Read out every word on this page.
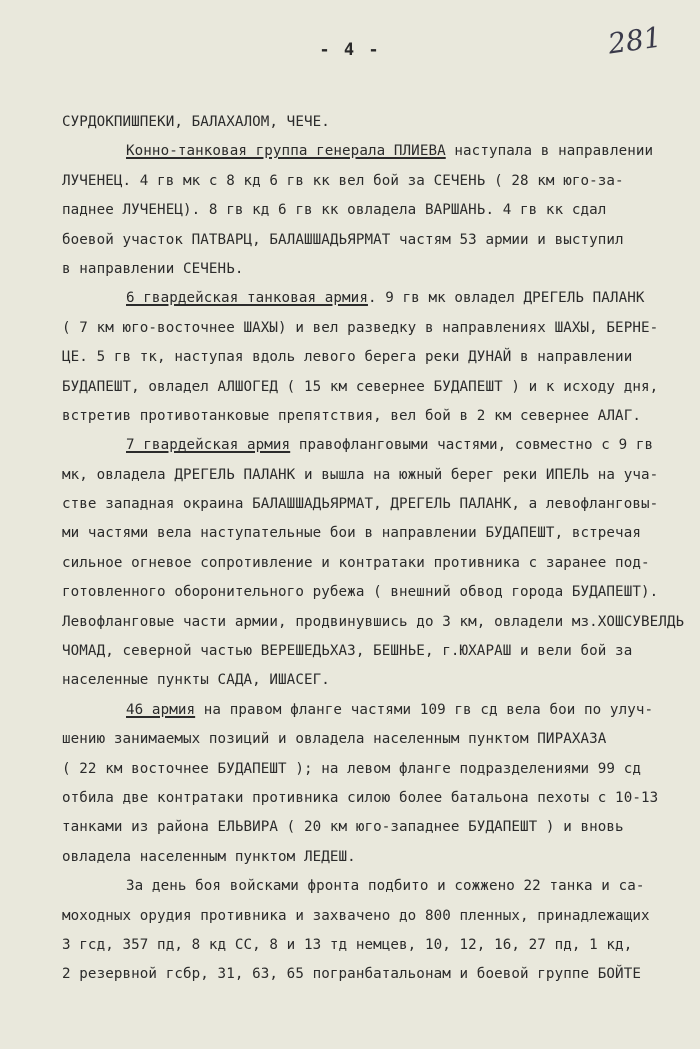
- 4 -	281
СУРДОКПИШПЕКИ, БАЛАХАЛОМ, ЧЕЧЕ.
Конно-танковая группа генерала ПЛИЕВА наступала в направлении
ЛУЧЕНЕЦ. 4 гв мк с 8 кд 6 гв кк вел бой за СЕЧЕНЬ ( 28 км юго-за-
паднее ЛУЧЕНЕЦ). 8 гв кд 6 гв кк овладела ВАРШАНЬ. 4 гв кк сдал
боевой участок ПАТВАРЦ, БАЛАШШАДЬЯРМАТ частям 53 армии и выступил
в направлении СЕЧЕНЬ.
6 гвардейская танковая армия. 9 гв мк овладел ДРЕГЕЛЬ ПАЛАНК
( 7 км юго-восточнее ШАХЫ) и вел разведку в направлениях ШАХЫ, БЕРНЕ-
ЦЕ. 5 гв тк, наступая вдоль левого берега реки ДУНАЙ в направлении
БУДАПЕШТ, овладел АЛШОГЕД ( 15 км севернее БУДАПЕШТ ) и к исходу дня,
встретив противотанковые препятствия, вел бой в 2 км севернее АЛАГ.
7 гвардейская армия правофланговыми частями, совместно с 9 гв
мк, овладела ДРЕГЕЛЬ ПАЛАНК и вышла на южный берег реки ИПЕЛЬ на уча-
стве западная окраина БАЛАШШАДЬЯРМАТ, ДРЕГЕЛЬ ПАЛАНК, а левофланговы-
ми частями вела наступательные бои в направлении БУДАПЕШТ, встречая
сильное огневое сопротивление и контратаки противника с заранее под-
готовленного оборонительного рубежа ( внешний обвод города БУДАПЕШТ).
Левофланговые части армии, продвинувшись до 3 км, овладели мз.ХОШСУВЕЛДЬ
ЧОМАД, северной частью ВЕРЕШЕДЬХАЗ, БЕШНЬЕ, г.ЮХАРАШ и вели бой за
населенные пункты САДА, ИШАСЕГ.
46 армия на правом фланге частями 109 гв сд вела бои по улуч-
шению занимаемых позиций и овладела населенным пунктом ПИРАХАЗА
( 22 км восточнее БУДАПЕШТ ); на левом фланге подразделениями 99 сд
отбила две контратаки противника силою более батальона пехоты с 10-13
танками из района ЕЛЬВИРА ( 20 км юго-западнее БУДАПЕШТ ) и вновь
овладела населенным пунктом ЛЕДЕШ.
За день боя войсками фронта подбито и сожжено 22 танка и са-
моходных орудия противника и захвачено до 800 пленных, принадлежащих
3 гсд, 357 пд, 8 кд СС, 8 и 13 тд немцев, 10, 12, 16, 27 пд, 1 кд,
2 резервной гсбр, 31, 63, 65 погранбатальонам и боевой группе БОЙТЕ
